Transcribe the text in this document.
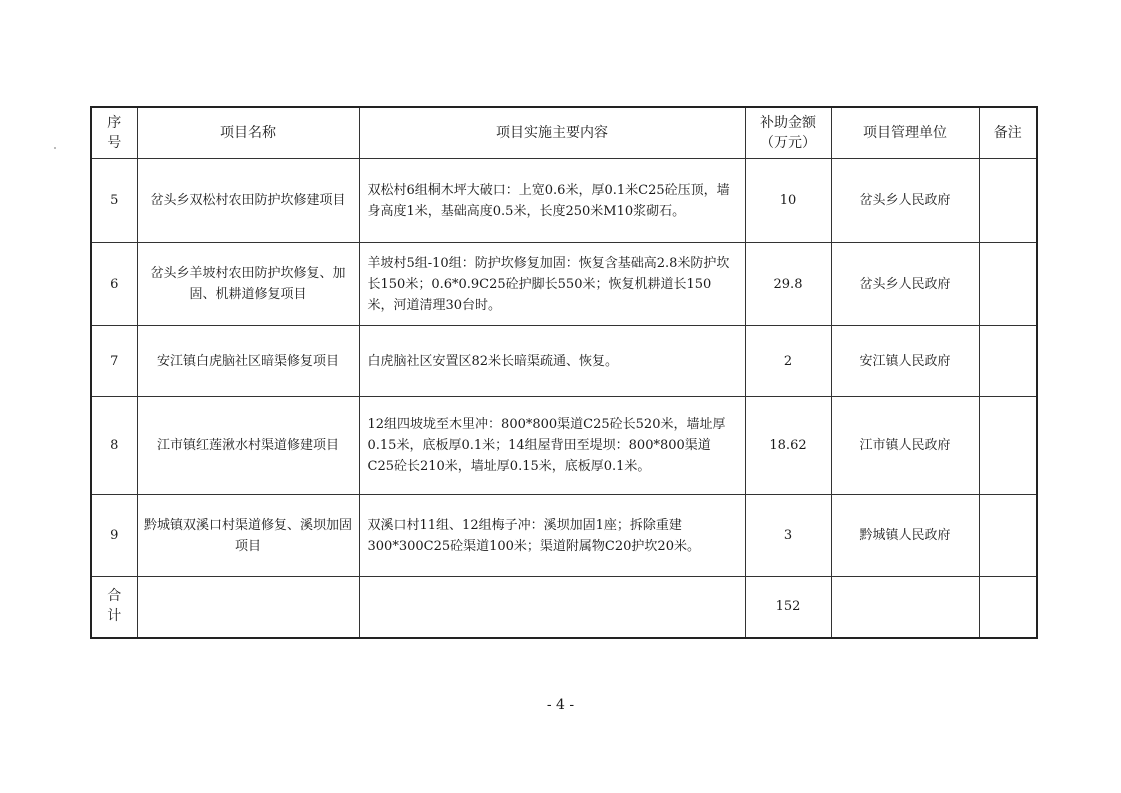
序号	项目名称	项目实施主要内容	补助金额（万元）	项目管理单位	备注
5	岔头乡双松村农田防护坎修建项目	双松村6组桐木坪大破口：上宽0.6米，厚0.1米C25砼压顶，墙身高度1米，基础高度0.5米，长度250米M10浆砌石。	10	岔头乡人民政府	
6	岔头乡羊坡村农田防护坎修复、加固、机耕道修复项目	羊坡村5组-10组：防护坎修复加固：恢复含基础高2.8米防护坎长150米；0.6*0.9C25砼护脚长550米；恢复机耕道长150米，河道清理30台时。	29.8	岔头乡人民政府	
7	安江镇白虎脑社区暗渠修复项目	白虎脑社区安置区82米长暗渠疏通、恢复。	2	安江镇人民政府	
8	江市镇红莲湫水村渠道修建项目	12组四坡垅至木里冲：800*800渠道C25砼长520米，墙址厚0.15米，底板厚0.1米；14组屋背田至堤坝：800*800渠道C25砼长210米，墙址厚0.15米，底板厚0.1米。	18.62	江市镇人民政府	
9	黔城镇双溪口村渠道修复、溪坝加固项目	双溪口村11组、12组梅子冲：溪坝加固1座；拆除重建300*300C25砼渠道100米；渠道附属物C20护坎20米。	3	黔城镇人民政府	
合计			152		
- 4 -
